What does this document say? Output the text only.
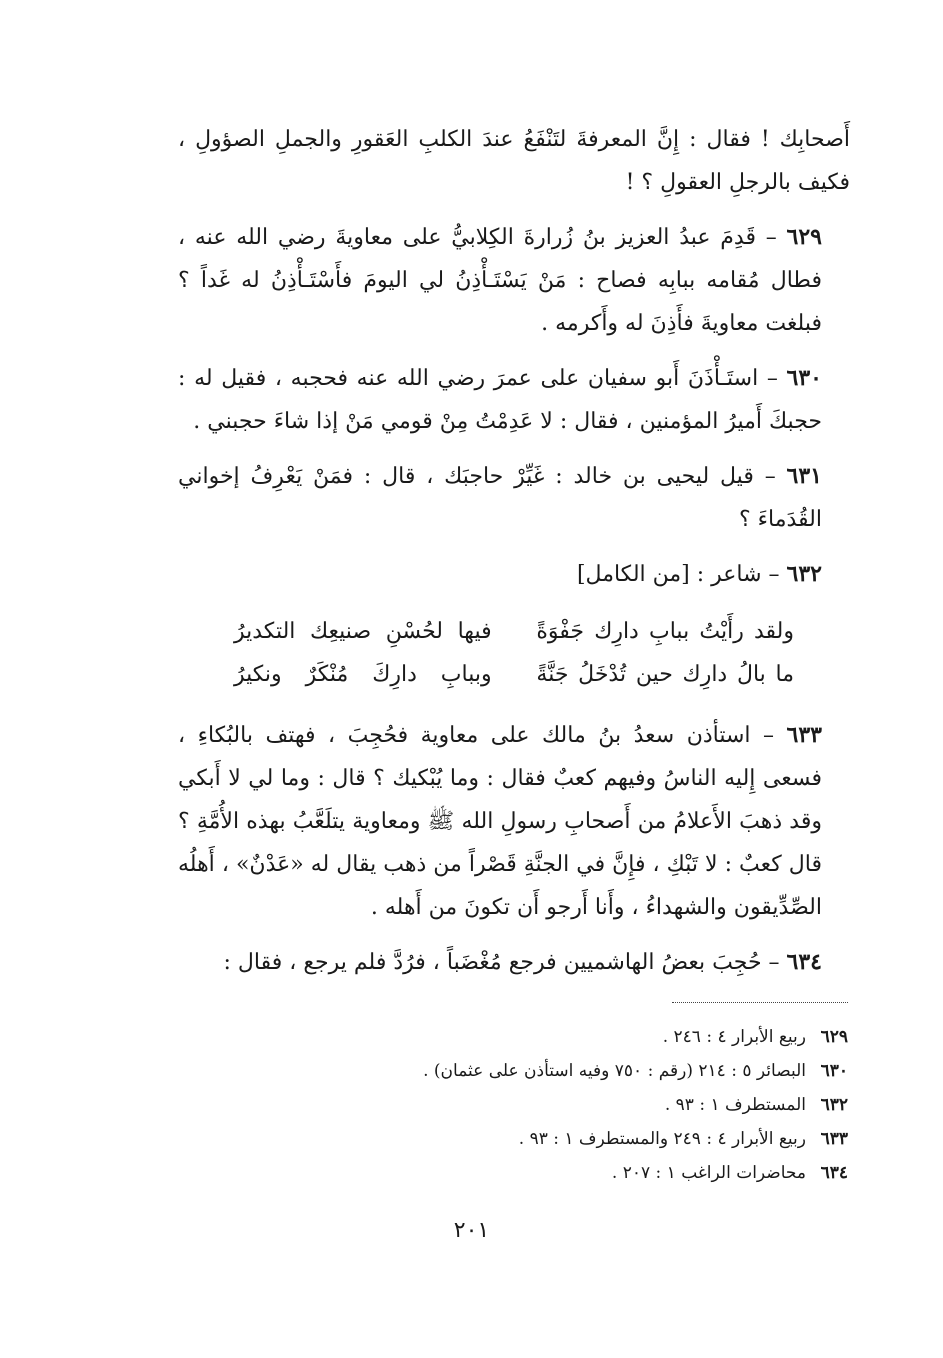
أَصحابِك ! فقال : إِنَّ المعرفةَ لتَنْفَعُ عندَ الكلبِ العَقورِ والجملِ الصؤولِ ، فكيف بالرجلِ العقولِ ؟ !

٦٢٩ – قَدِمَ عبدُ العزيز بنُ زُرارةَ الكِلابيُّ على معاويةَ رضي الله عنه ، فطال مُقامه ببابِه فصاح : مَنْ يَسْتَـأْذِنُ لي اليومَ فأَسْتَـأْذِنُ له غَداً ؟ فبلغت معاويةَ فأَذِنَ له وأَكرمه .

٦٣٠ – استَـأْذَنَ أَبو سفيان على عمرَ رضي الله عنه فحجبه ، فقيل له : حجبكَ أَميرُ المؤمنين ، فقال : لا عَدِمْتُ مِنْ قومي مَنْ إذا شاءَ حجبني .

٦٣١ – قيل ليحيى بن خالد : غَيِّرْ حاجبَك ، قال : فمَنْ يَعْرِفُ إخواني القُدَماءَ ؟

٦٣٢ – شاعر : [من الكامل]

ولقد رأَيْتُ ببابِ دارِك جَفْوَةً
فيها لحُسْنِ صنيعِك التكديرُ
ما بالُ دارِك حين تُدْخَلُ جَنَّةً
وببابِ دارِكَ مُنْكَرٌ ونكيرُ

٦٣٣ – استأذن سعدُ بنُ مالك على معاوية فحُجِبَ ، فهتف بالبُكاءِ ، فسعى إِليه الناسُ وفيهم كعبٌ فقال : وما يُبْكيك ؟ قال : وما لي لا أَبكي وقد ذهبَ الأَعلامُ من أَصحابِ رسولِ الله ﷺ ومعاوية يتلَعَّبُ بهذه الأُمَّةِ ؟ قال كعبٌ : لا تَبْكِ ، فإِنَّ في الجنَّةِ قَصْراً من ذهب يقال له «عَدْنٌ» ، أَهلُه الصِّدِّيقون والشهداءُ ، وأَنا أَرجو أَن تكونَ من أَهله .

٦٣٤ – حُجِبَ بعضُ الهاشميين فرجع مُغْضَباً ، فرُدَّ فلم يرجع ، فقال :

٦٢٩ربيع الأبرار ٤ : ٢٤٦ .
٦٣٠البصائر ٥ : ٢١٤ (رقم : ٧٥٠ وفيه استأذن على عثمان) .
٦٣٢المستطرف ١ : ٩٣ .
٦٣٣ربيع الأبرار ٤ : ٢٤٩ والمستطرف ١ : ٩٣ .
٦٣٤محاضرات الراغب ١ : ٢٠٧ .
٢٠١
